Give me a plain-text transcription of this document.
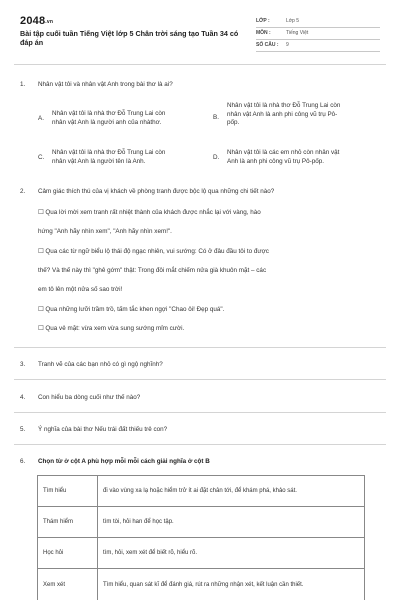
2048.vn
Bài tập cuối tuần Tiếng Việt lớp 5 Chân trời sáng tạo Tuần 34 có đáp án
LỚP :	Lớp 5
MÔN :	Tiếng Việt
SỐ CÂU :	9
1.	Nhân vật tôi và nhân vật Anh trong bài thơ là ai?
A.
Nhân vật tôi là nhà thơ Đỗ Trung Lai còn
nhân vật Anh là người anh của nhàthơ.
B.
Nhân vật tôi là nhà thơ Đỗ Trung Lai còn
nhân vật Anh là anh phi công vũ trụ Pô-
pốp.
C.
Nhân vật tôi là nhà thơ Đỗ Trung Lai còn
nhân vật Anh là người tên là Anh.	D.
Nhân vật tôi là các em nhỏ còn nhân vật
Anh là anh phi công vũ trụ Pô-pốp.
2.	Cảm giác thích thú của vị khách về phòng tranh được bộc lộ qua những chi tiết nào?
☐ Qua lời mời xem tranh rất nhiệt thành của khách được nhắc lại với vàng, hào
hứng "Anh hãy nhìn xem", "Anh hãy nhìn xem!".
☐ Qua các từ ngữ biểu lộ thái độ ngạc nhiên, vui sướng: Có ở đâu đầu tôi to được
thế? Và thế này thì "ghê gớm" thật: Trong đôi mắt chiếm nửa già khuôn mặt – các
em tô lên một nửa số sao trời!
☐ Qua những lưỡi trầm trồ, tấm tắc khen ngợi "Chao ôi! Đẹp quá".
☐ Qua vẻ mặt: vừa xem vừa sung sướng mỉm cười.
3.	Tranh vẽ của các bạn nhỏ có gì ngộ nghĩnh?
4.	Con hiểu ba dòng cuối như thế nào?
5.	Ý nghĩa của bài thơ Nếu trái đất thiếu trẻ con?
6.	Chọn từ ở cột A phù hợp mỗi mỗi cách giải nghĩa ở cột B
Tìm hiểu	đi vào vùng xa lạ hoặc hiểm trở ít ai đặt chân tới, để khám phá, khảo sát.
Thám hiểm	tìm tòi, hỏi han để học tập.
Học hỏi	tìm, hỏi, xem xét để biết rõ, hiểu rõ.
Xem xét	Tìm hiểu, quan sát kĩ để đánh giá, rút ra những nhận xét, kết luận cần thiết.
